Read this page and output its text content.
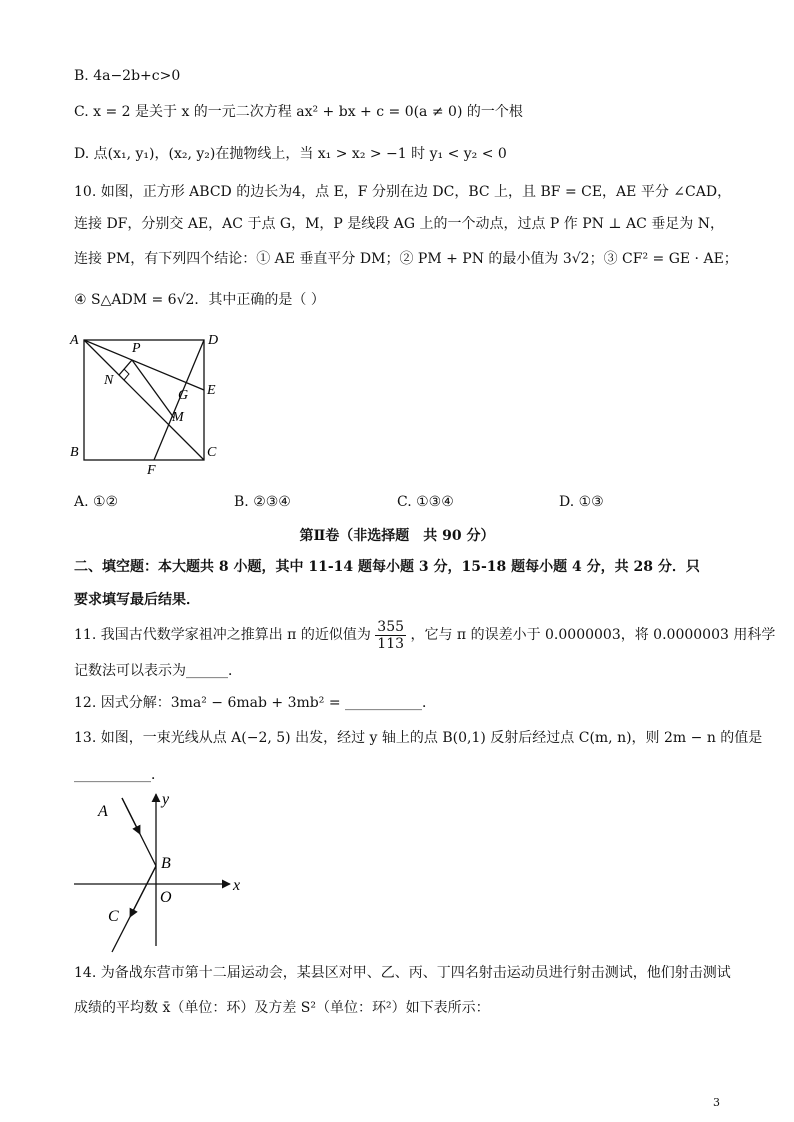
B. 4a−2b+c>0
C. x = 2 是关于 x 的一元二次方程 ax² + bx + c = 0(a ≠ 0) 的一个根
D. 点(x₁, y₁)，(x₂, y₂)在抛物线上，当 x₁ > x₂ > −1 时 y₁ < y₂ < 0
10. 如图，正方形 ABCD 的边长为4，点 E，F 分别在边 DC，BC 上，且 BF = CE，AE 平分 ∠CAD，
连接 DF，分别交 AE，AC 于点 G，M，P 是线段 AG 上的一个动点，过点 P 作 PN ⊥ AC 垂足为 N，
连接 PM，有下列四个结论：① AE 垂直平分 DM；② PM + PN 的最小值为 3√2；③ CF² = GE · AE；
④ S△ADM = 6√2．其中正确的是（ ）
A	D
B	C
E
F
G
M
N
P
A. ①②	B. ②③④	C. ①③④	D. ①③
第Ⅱ卷（非选择题　共 90 分）
二、填空题：本大题共 8 小题，其中 11-14 题每小题 3 分，15-18 题每小题 4 分，共 28 分．只
要求填写最后结果．
11. 我国古代数学家祖冲之推算出 π 的近似值为 $\frac{355}{113}$ ，它与 π 的误差小于 0.0000003，将 0.0000003 用科学
记数法可以表示为______．
12. 因式分解：3ma² − 6mab + 3mb² = ___________．
13. 如图，一束光线从点 A(−2, 5) 出发，经过 y 轴上的点 B(0,1) 反射后经过点 C(m, n)，则 2m − n 的值是
___________．
A
B
C
O
x
y
14. 为备战东营市第十二届运动会，某县区对甲、乙、丙、丁四名射击运动员进行射击测试，他们射击测试
成绩的平均数 x̄（单位：环）及方差 S²（单位：环²）如下表所示：
3
